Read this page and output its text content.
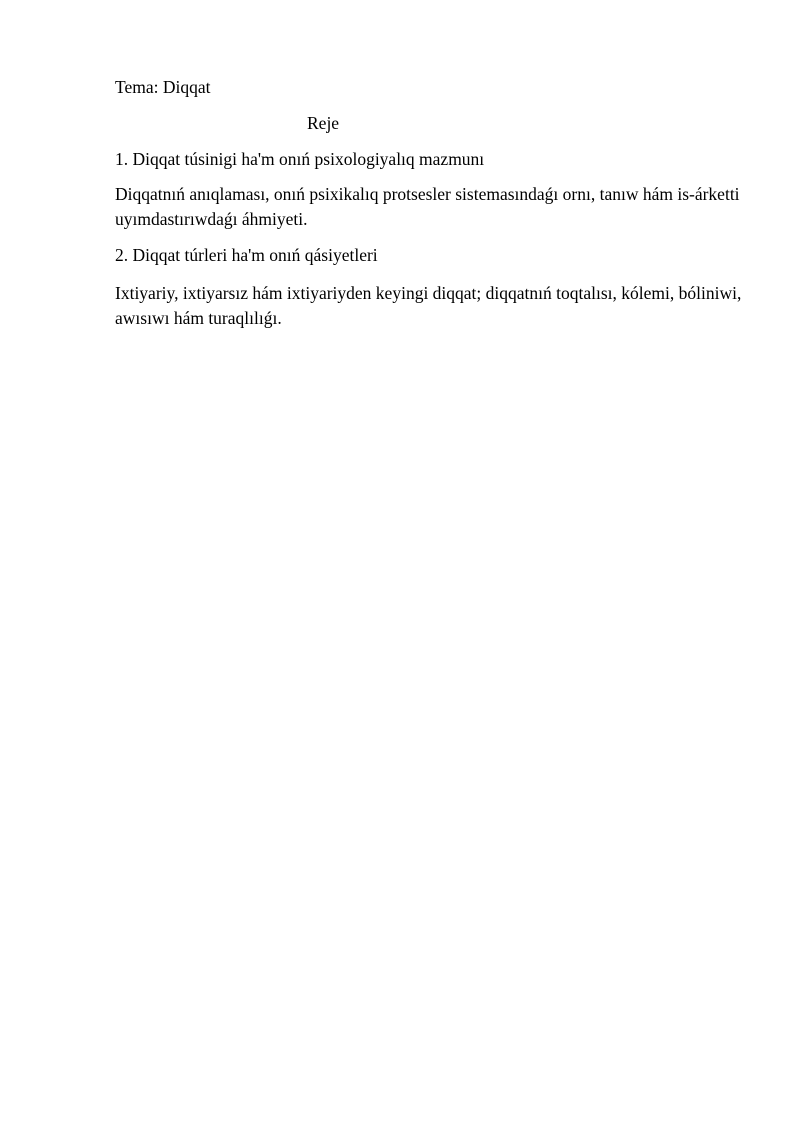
Tema: Diqqat
Reje
1. Diqqat túsinigi ha'm onıń psixologiyalıq mazmunı
Diqqatnıń anıqlaması, onıń psixikalıq protsesler sistemasındaǵı ornı, tanıw hám is-árketti uyımdastırıwdaǵı áhmiyeti.
2. Diqqat túrleri ha'm onıń qásiyetleri
Ixtiyariy, ixtiyarsız hám ixtiyariyden keyingi diqqat; diqqatnıń toqtalısı, kólemi, bóliniwi, awısıwı hám turaqlılıǵı.
